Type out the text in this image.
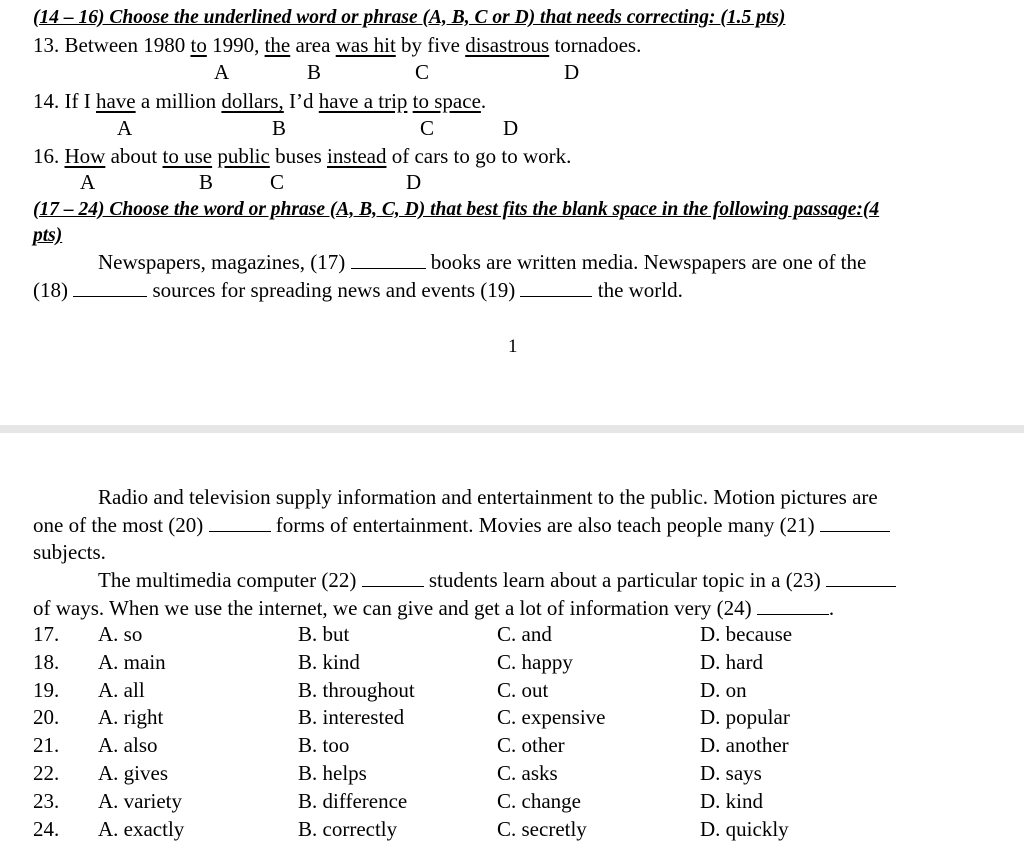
(14 – 16) Choose the underlined word or phrase (A, B, C or D) that needs correcting: (1.5 pts)
13. Between 1980 to 1990, the area was hit by five disastrous tornadoes.
A	B	C	D
14. If I have a million dollars, I’d have a trip to space.
A	B	C	D
16. How about to use public buses instead of cars to go to work.
A	B	C	D
(17 – 24) Choose the word or phrase (A, B, C, D) that best fits the blank space in the following passage:(4
pts)
Newspapers, magazines, (17)	books are written media. Newspapers are one of the
(18)	sources for spreading news and events (19)	the world.
1
Radio and television supply information and entertainment to the public. Motion pictures are
one of the most (20)	forms of entertainment. Movies are also teach people many (21)
subjects.
The multimedia computer (22)	students learn about a particular topic in a (23)
of ways. When we use the internet, we can give and get a lot of information very (24)	.
17. A. so	B. but	C. and	D. because
18. A. main	B. kind	C. happy	D. hard
19. A. all	B. throughout	C. out	D. on
20. A. right	B. interested	C. expensive	D. popular
21. A. also	B. too	C. other	D. another
22. A. gives	B. helps	C. asks	D. says
23. A. variety	B. difference	C. change	D. kind
24. A. exactly	B. correctly	C. secretly	D. quickly
